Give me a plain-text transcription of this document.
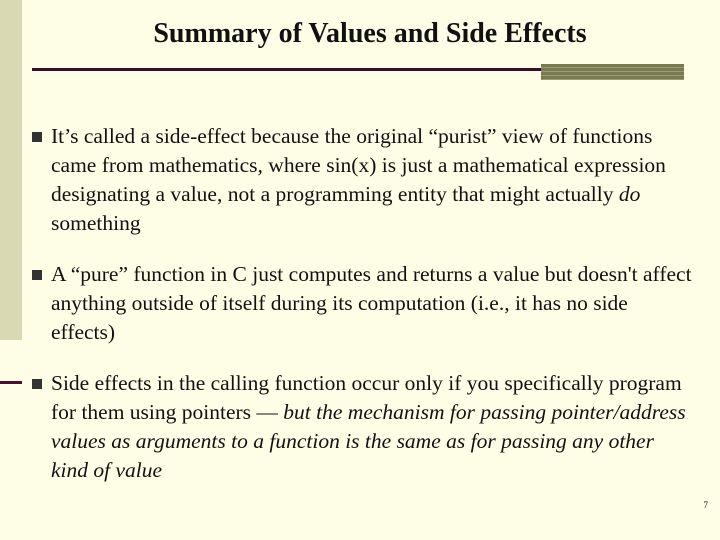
Summary of Values and Side Effects
It’s called a side-effect because the original “purist” view of functions came from mathematics, where sin(x) is just a mathematical expression designating a value, not a programming entity that might actually do something
A “pure” function in C just computes and returns a value but doesn't affect anything outside of itself during its computation (i.e., it has no side effects)
Side effects in the calling function occur only if you specifically program for them using pointers — but the mechanism for passing pointer/address values as arguments to a function is the same as for passing any other kind of value
7
